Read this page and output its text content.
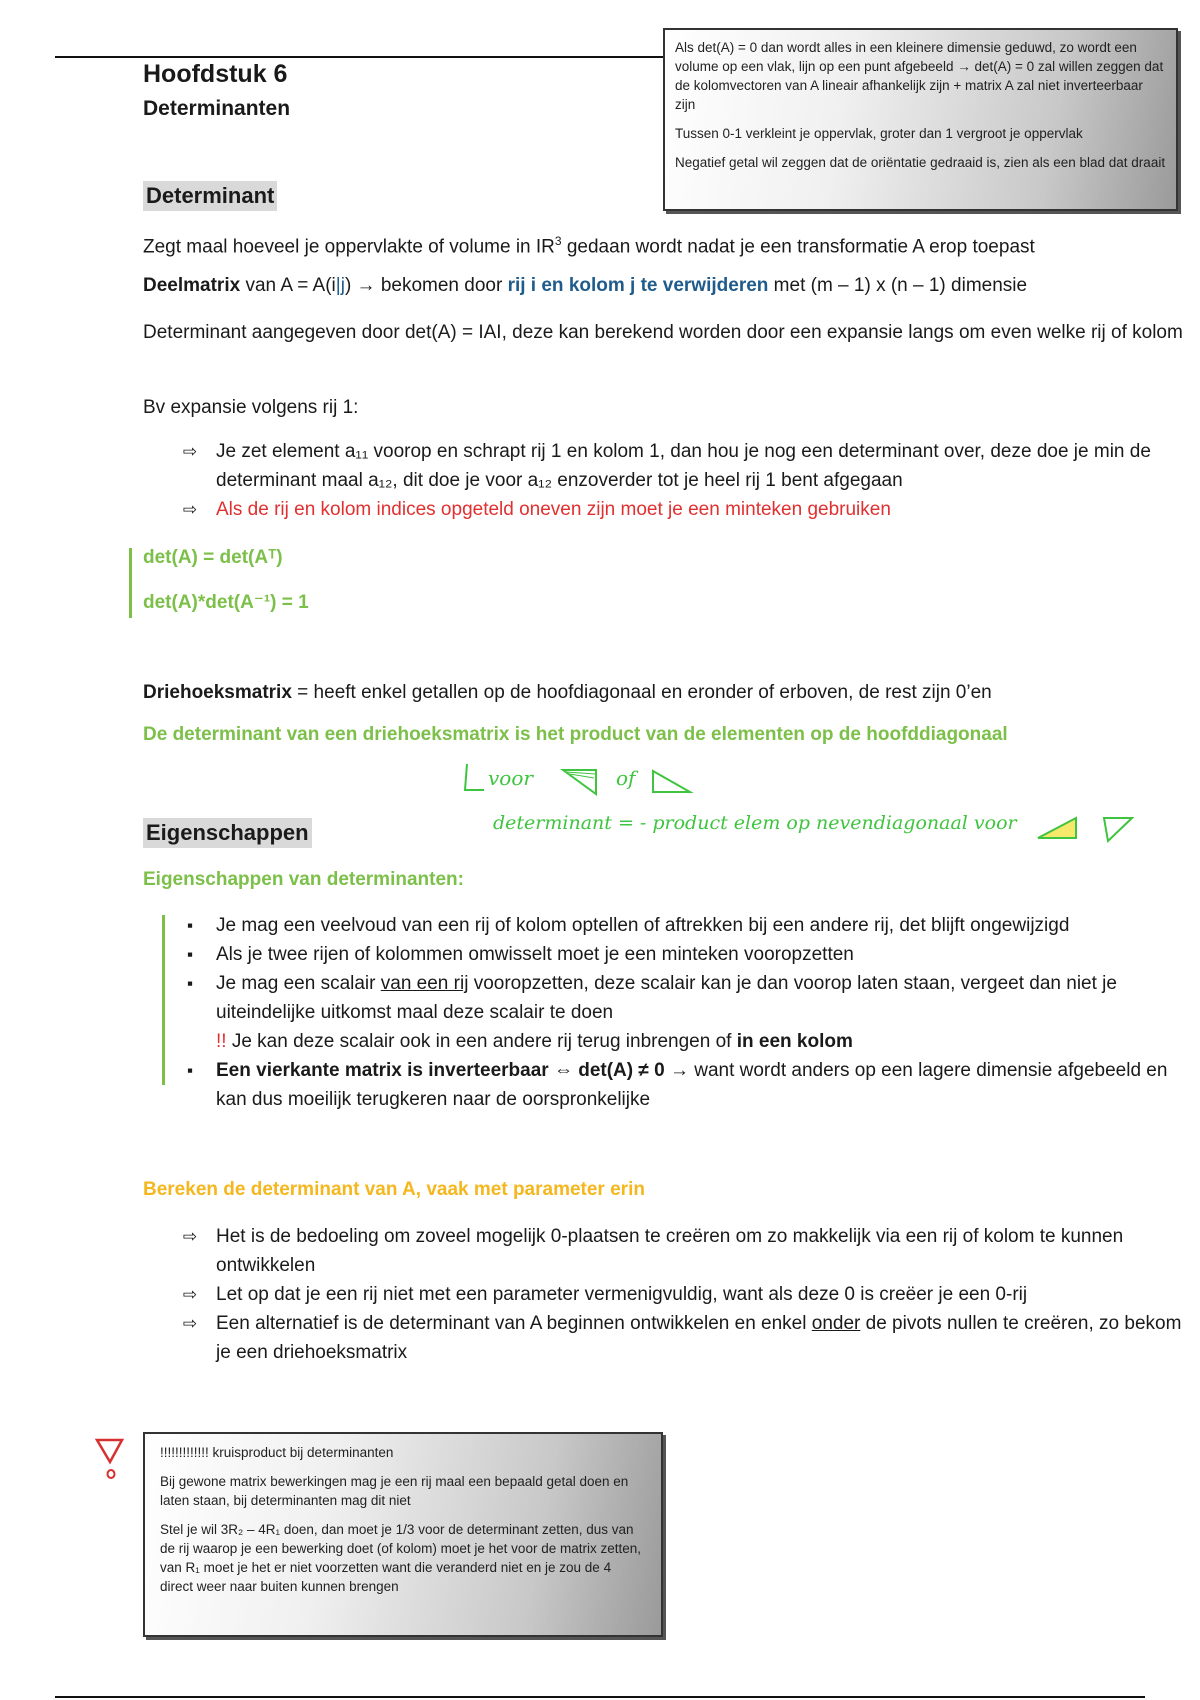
Hoofdstuk 6
Determinanten

Als det(A) = 0 dan wordt alles in een kleinere dimensie geduwd, zo wordt een volume op een vlak, lijn op een punt afgebeeld → det(A) = 0 zal willen zeggen dat de kolomvectoren van A lineair afhankelijk zijn + matrix A zal niet inverteerbaar zijn

Tussen 0-1 verkleint je oppervlak, groter dan 1 vergroot je oppervlak

Negatief getal wil zeggen dat de oriëntatie gedraaid is, zien als een blad dat draait

Determinant
Zegt maal hoeveel je oppervlakte of volume in $IR^3$ gedaan wordt nadat je een transformatie A erop toepast
Deelmatrix van A = A(i|j) → bekomen door rij i en kolom j te verwijderen met (m – 1) x (n – 1) dimensie
Determinant aangegeven door det(A) = IAI, deze kan berekend worden door een expansie langs om even welke rij of kolom
Bv expansie volgens rij 1:
⇨ Je zet element a₁₁ voorop en schrapt rij 1 en kolom 1, dan hou je nog een determinant over, deze doe je min de determinant maal a₁₂, dit doe je voor a₁₂ enzoverder tot je heel rij 1 bent afgegaan
⇨ Als de rij en kolom indices opgeteld oneven zijn moet je een minteken gebruiken
det(A) = det(Aᵀ)
det(A)*det(A⁻¹) = 1
Driehoeksmatrix = heeft enkel getallen op de hoofdiagonaal en eronder of erboven, de rest zijn 0’en
De determinant van een driehoeksmatrix is het product van de elementen op de hoofddiagonaal
voor	of
determinant = - product elem op nevendiagonaal voor
Eigenschappen
Eigenschappen van determinanten:
▪	Je mag een veelvoud van een rij of kolom optellen of aftrekken bij een andere rij, det blijft ongewijzigd
▪	Als je twee rijen of kolommen omwisselt moet je een minteken vooropzetten
▪	Je mag een scalair van een rij vooropzetten, deze scalair kan je dan voorop laten staan, vergeet dan niet je uiteindelijke uitkomst maal deze scalair te doen
!! Je kan deze scalair ook in een andere rij terug inbrengen of in een kolom
▪	Een vierkante matrix is inverteerbaar ⇔ det(A) ≠ 0 → want wordt anders op een lagere dimensie afgebeeld en kan dus moeilijk terugkeren naar de oorspronkelijke
Bereken de determinant van A, vaak met parameter erin
⇨ Het is de bedoeling om zoveel mogelijk 0-plaatsen te creëren om zo makkelijk via een rij of kolom te kunnen ontwikkelen
⇨ Let op dat je een rij niet met een parameter vermenigvuldig, want als deze 0 is creëer je een 0-rij
⇨ Een alternatief is de determinant van A beginnen ontwikkelen en enkel onder de pivots nullen te creëren, zo bekom je een driehoeksmatrix

!!!!!!!!!!!!! kruisproduct bij determinanten

Bij gewone matrix bewerkingen mag je een rij maal een bepaald getal doen en laten staan, bij determinanten mag dit niet

Stel je wil 3R₂ – 4R₁ doen, dan moet je 1/3 voor de determinant zetten, dus van de rij waarop je een bewerking doet (of kolom) moet je het voor de matrix zetten, van R₁ moet je het er niet voorzetten want die veranderd niet en je zou de 4 direct weer naar buiten kunnen brengen
